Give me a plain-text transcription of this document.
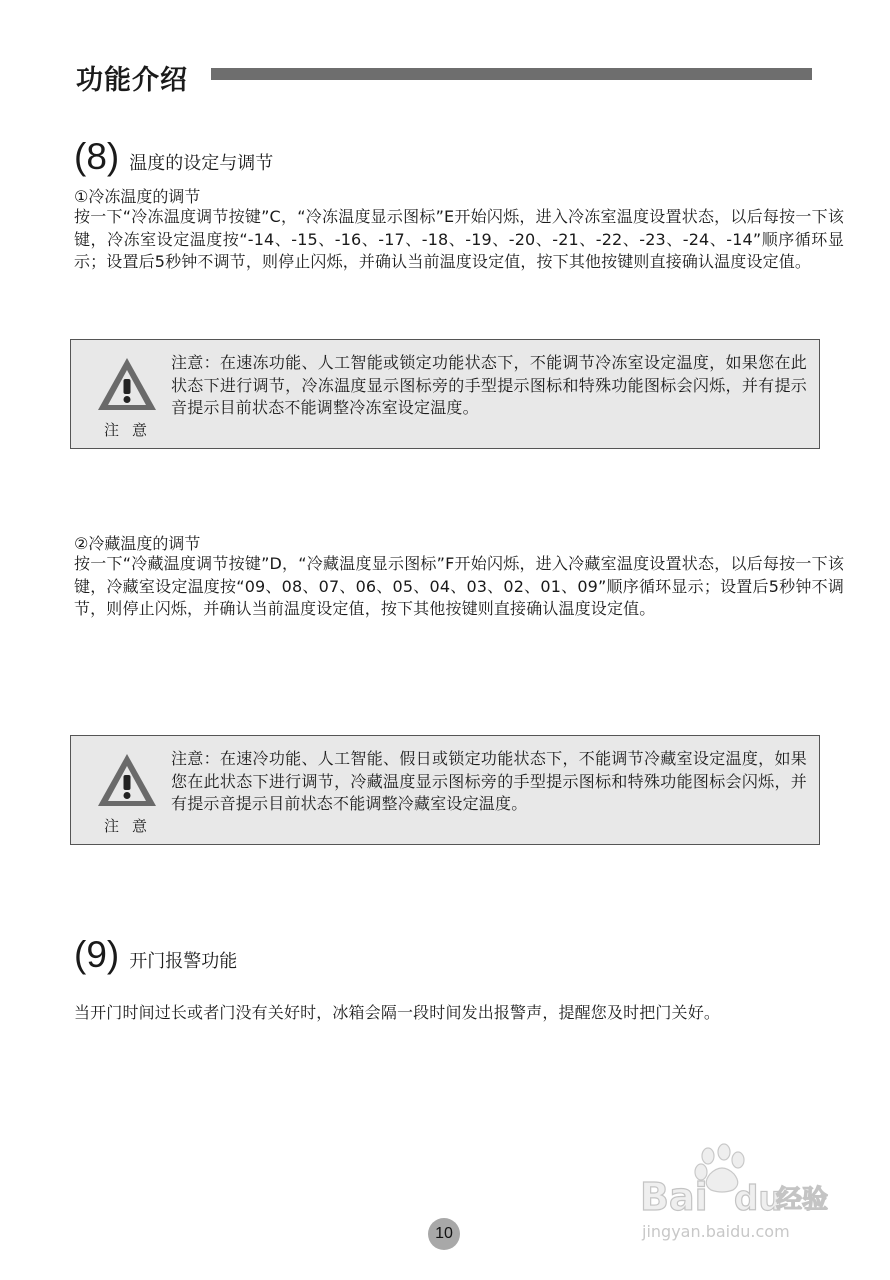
功能介绍
(8) 温度的设定与调节
①冷冻温度的调节

按一下“冷冻温度调节按键”C，“冷冻温度显示图标”E开始闪烁，进入冷冻室温度设置状态，以后每按一下该键，冷冻室设定温度按“-14、-15、-16、-17、-18、-19、-20、-21、-22、-23、-24、-14”顺序循环显示；设置后5秒钟不调节，则停止闪烁，并确认当前温度设定值，按下其他按键则直接确认温度设定值。

注意

注意：在速冻功能、人工智能或锁定功能状态下，不能调节冷冻室设定温度，如果您在此状态下进行调节，冷冻温度显示图标旁的手型提示图标和特殊功能图标会闪烁，并有提示音提示目前状态不能调整冷冻室设定温度。

②冷藏温度的调节

按一下“冷藏温度调节按键”D，“冷藏温度显示图标”F开始闪烁，进入冷藏室温度设置状态，以后每按一下该键，冷藏室设定温度按“09、08、07、06、05、04、03、02、01、09”顺序循环显示；设置后5秒钟不调节，则停止闪烁，并确认当前温度设定值，按下其他按键则直接确认温度设定值。

注意

注意：在速冷功能、人工智能、假日或锁定功能状态下，不能调节冷藏室设定温度，如果您在此状态下进行调节，冷藏温度显示图标旁的手型提示图标和特殊功能图标会闪烁，并有提示音提示目前状态不能调整冷藏室设定温度。

(9) 开门报警功能

当开门时间过长或者门没有关好时，冰箱会隔一段时间发出报警声，提醒您及时把门关好。

Bai du
经验
jingyan.baidu.com
10
